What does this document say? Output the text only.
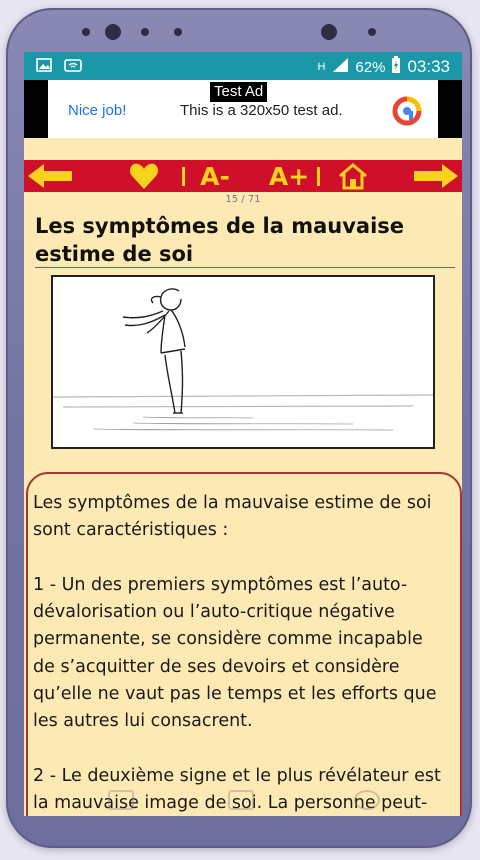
H 62% 03:33
Test Ad
Nice job!	This is a 320x50 test ad.
A- A+
15 / 71
Les symptômes de la mauvaise estime de soi

Les symptômes de la mauvaise estime de soi
sont caractéristiques :

1 - Un des premiers symptômes est l’auto-
dévalorisation ou l’auto-critique négative
permanente, se considère comme incapable
de s’acquitter de ses devoirs et considère
qu’elle ne vaut pas le temps et les efforts que
les autres lui consacrent.

2 - Le deuxième signe et le plus révélateur est
la mauvaise image de soi. La personne peut-
